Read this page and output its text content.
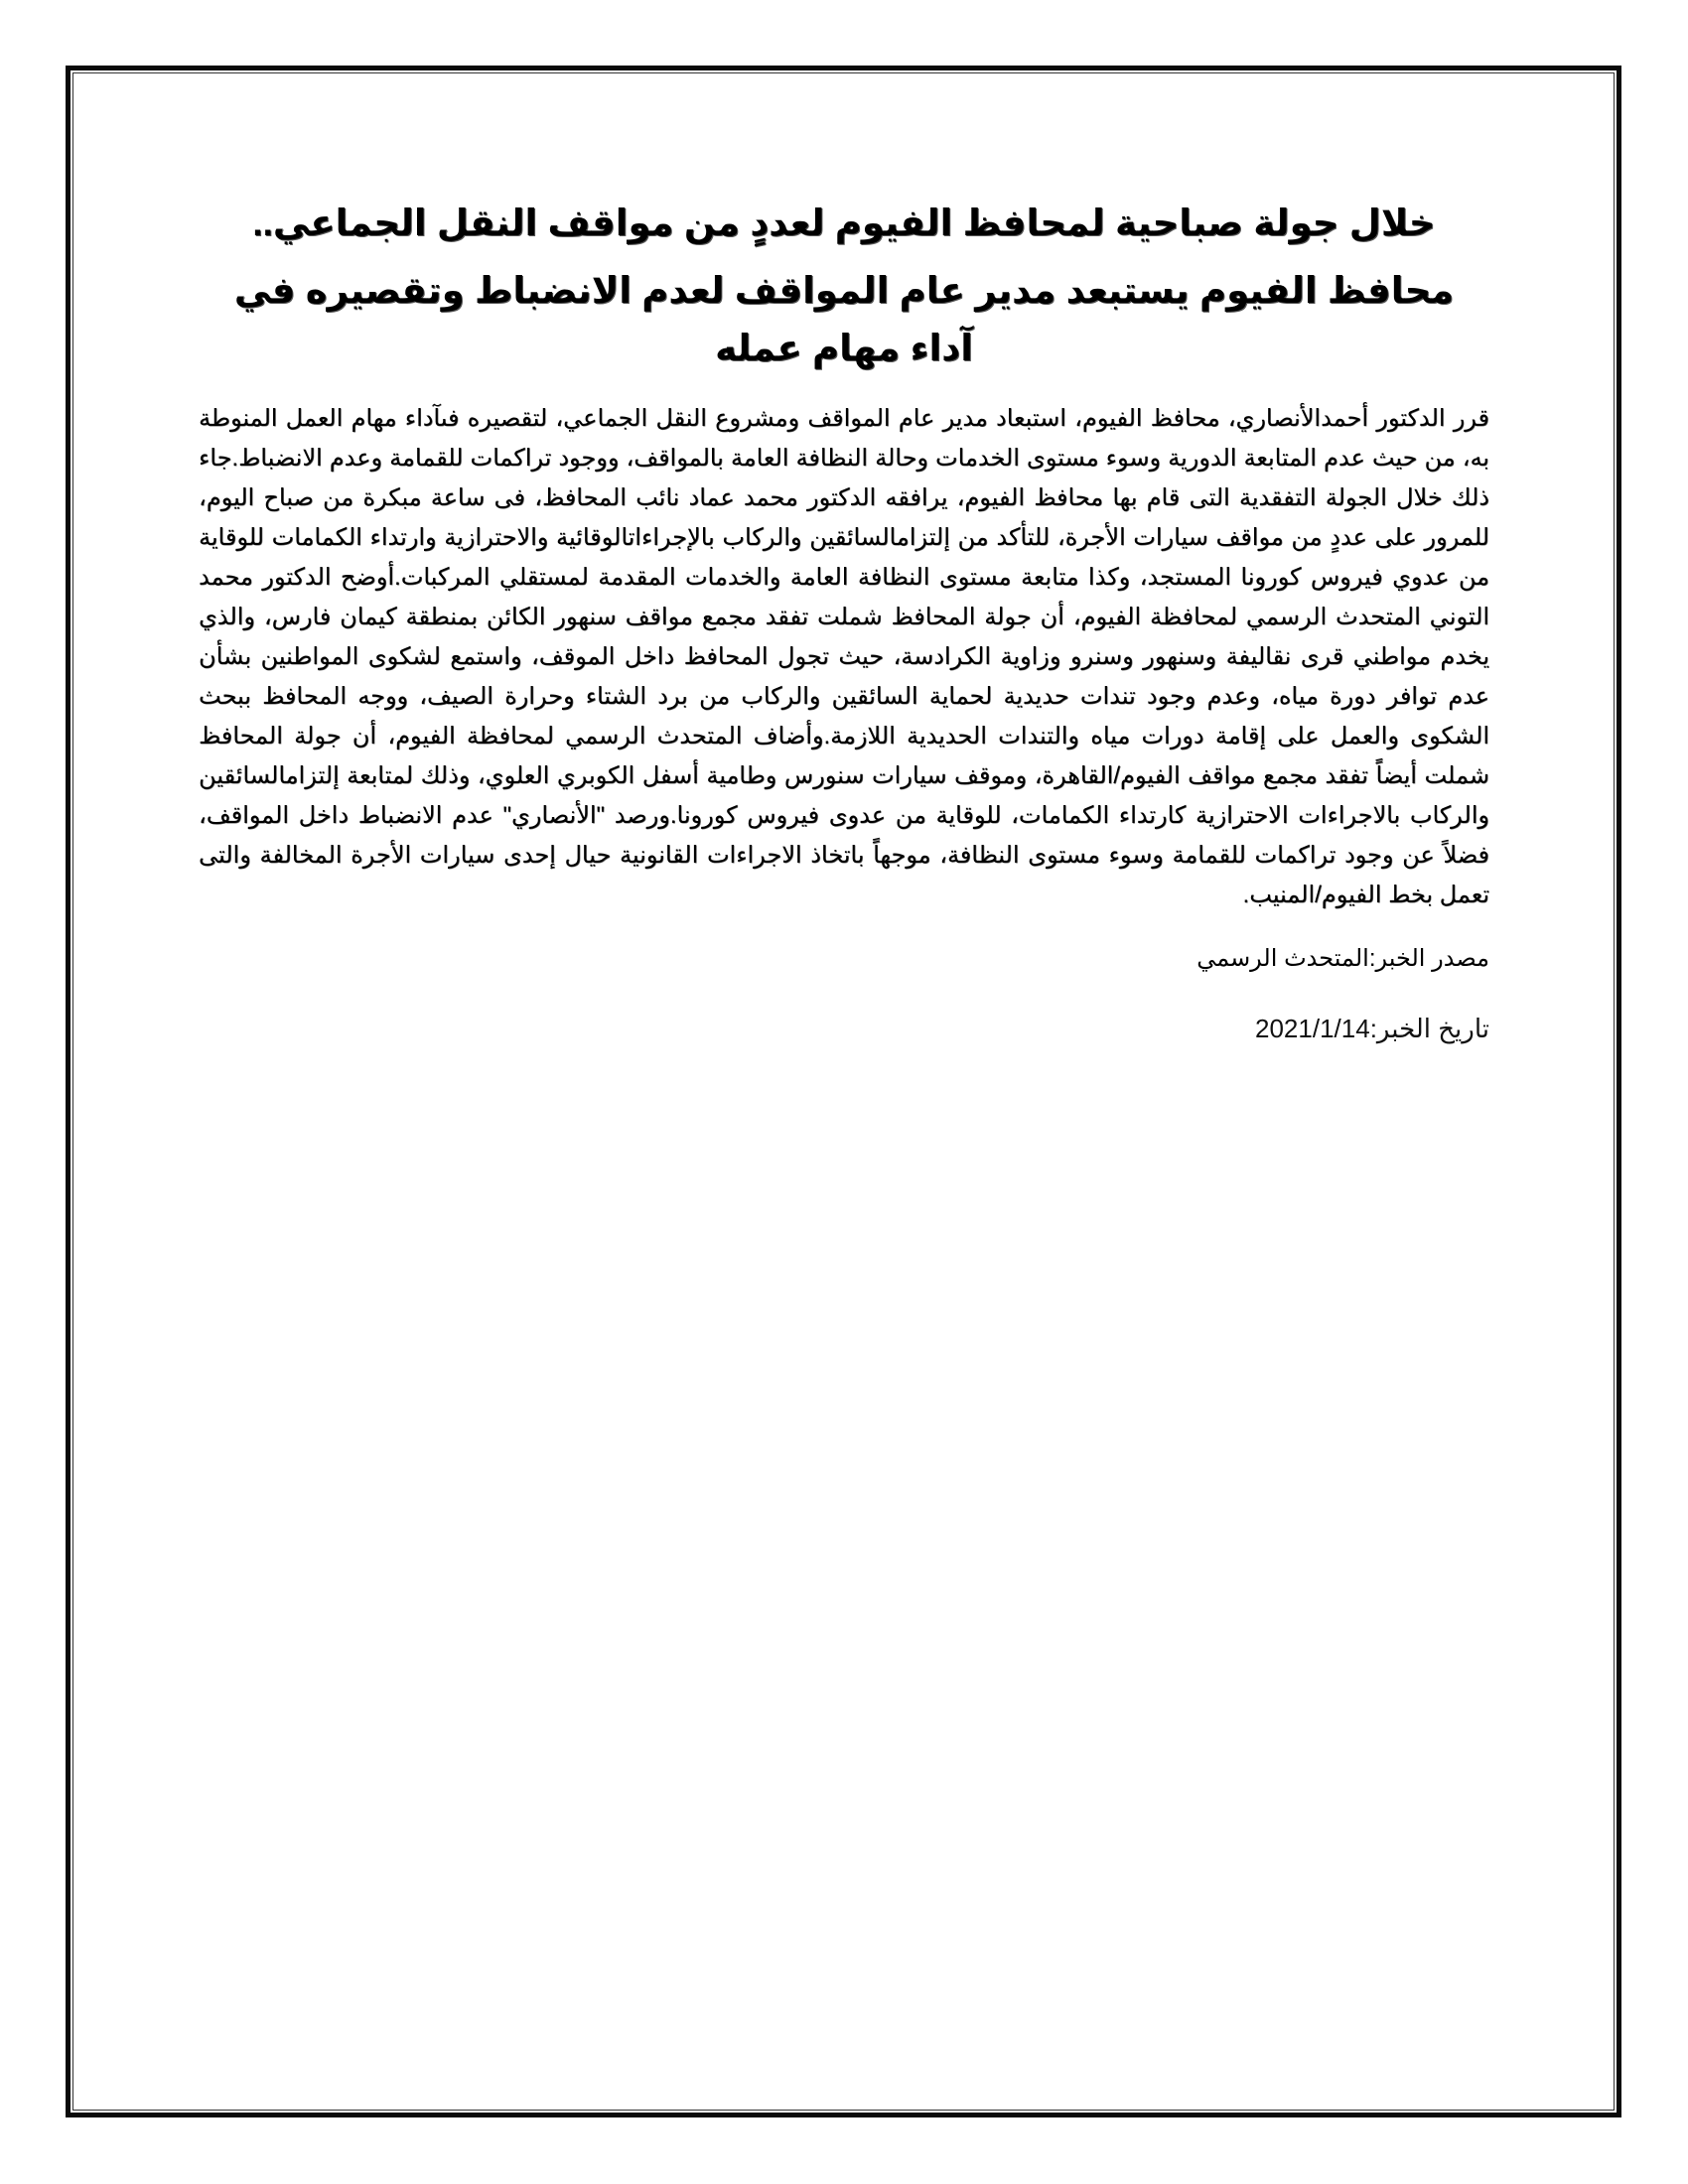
خلال جولة صباحية لمحافظ الفيوم لعددٍ من مواقف النقل الجماعي..
محافظ الفيوم يستبعد مدير عام المواقف لعدم الانضباط وتقصيره في آداء مهام عمله

قرر الدكتور أحمدالأنصاري، محافظ الفيوم، استبعاد مدير عام المواقف ومشروع النقل الجماعي، لتقصيره فىآداء مهام العمل المنوطة به، من حيث عدم المتابعة الدورية وسوء مستوى الخدمات وحالة النظافة العامة بالمواقف، ووجود تراكمات للقمامة وعدم الانضباط.جاء ذلك خلال الجولة التفقدية التى قام بها محافظ الفيوم، يرافقه الدكتور محمد عماد نائب المحافظ، فى ساعة مبكرة من صباح اليوم، للمرور على عددٍ من مواقف سيارات الأجرة، للتأكد من إلتزامالسائقين والركاب بالإجراءاتالوقائية والاحترازية وارتداء الكمامات للوقاية من عدوي فيروس كورونا المستجد، وكذا متابعة مستوى النظافة العامة والخدمات المقدمة لمستقلي المركبات.أوضح الدكتور محمد التوني المتحدث الرسمي لمحافظة الفيوم، أن جولة المحافظ شملت تفقد مجمع مواقف سنهور الكائن بمنطقة كيمان فارس، والذي يخدم مواطني قرى نقاليفة وسنهور وسنرو وزاوية الكرادسة، حيث تجول المحافظ داخل الموقف، واستمع لشكوى المواطنين بشأن عدم توافر دورة مياه، وعدم وجود تندات حديدية لحماية السائقين والركاب من برد الشتاء وحرارة الصيف، ووجه المحافظ ببحث الشكوى والعمل على إقامة دورات مياه والتندات الحديدية اللازمة.وأضاف المتحدث الرسمي لمحافظة الفيوم، أن جولة المحافظ شملت أيضاً تفقد مجمع مواقف الفيوم/القاهرة، وموقف سيارات سنورس وطامية أسفل الكوبري العلوي، وذلك لمتابعة إلتزامالسائقين والركاب بالاجراءات الاحترازية كارتداء الكمامات، للوقاية من عدوى فيروس كورونا.ورصد "الأنصاري" عدم الانضباط داخل المواقف، فضلاً عن وجود تراكمات للقمامة وسوء مستوى النظافة، موجهاً باتخاذ الاجراءات القانونية حيال إحدى سيارات الأجرة المخالفة والتى تعمل بخط الفيوم/المنيب.

مصدر الخبر:المتحدث الرسمي

تاريخ الخبر:2021/1/14
